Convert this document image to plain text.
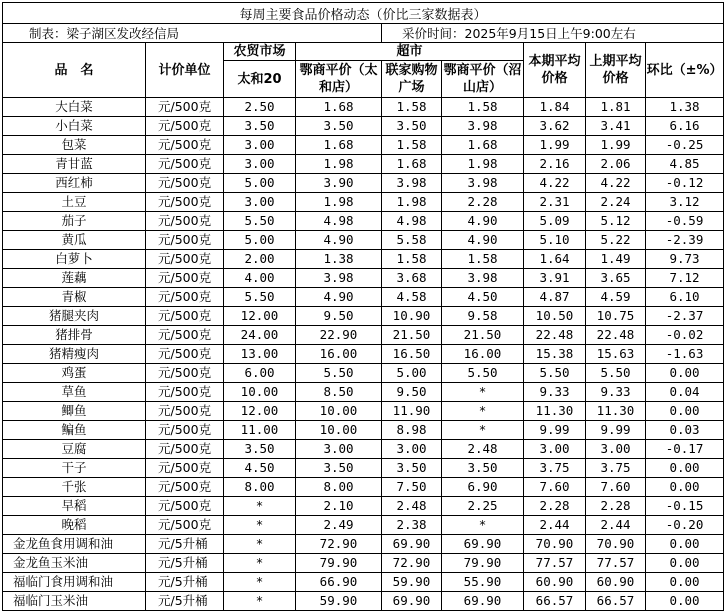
每周主要食品价格动态（价比三家数据表）								
制表：梁子湖区发改经信局				采价时间：2025年9月15日上午9:00左右				
品　名	计价单位	农贸市场	超市			本期平均价格	上期平均价格	环比（±%）
		太和20	鄂商平价（太和店）	联家购物广场	鄂商平价（沼山店）			
大白菜	元/500克	2.50	1.68	1.58	1.58	1.84	1.81	1.38
小白菜	元/500克	3.50	3.50	3.50	3.98	3.62	3.41	6.16
包菜	元/500克	3.00	1.68	1.58	1.68	1.99	1.99	-0.25
青甘蓝	元/500克	3.00	1.98	1.68	1.98	2.16	2.06	4.85
西红柿	元/500克	5.00	3.90	3.98	3.98	4.22	4.22	-0.12
土豆	元/500克	3.00	1.98	1.98	2.28	2.31	2.24	3.12
茄子	元/500克	5.50	4.98	4.98	4.90	5.09	5.12	-0.59
黄瓜	元/500克	5.00	4.90	5.58	4.90	5.10	5.22	-2.39
白萝卜	元/500克	2.00	1.38	1.58	1.58	1.64	1.49	9.73
莲藕	元/500克	4.00	3.98	3.68	3.98	3.91	3.65	7.12
青椒	元/500克	5.50	4.90	4.58	4.50	4.87	4.59	6.10
猪腿夹肉	元/500克	12.00	9.50	10.90	9.58	10.50	10.75	-2.37
猪排骨	元/500克	24.00	22.90	21.50	21.50	22.48	22.48	-0.02
猪精瘦肉	元/500克	13.00	16.00	16.50	16.00	15.38	15.63	-1.63
鸡蛋	元/500克	6.00	5.50	5.00	5.50	5.50	5.50	0.00
草鱼	元/500克	10.00	8.50	9.50	*	9.33	9.33	0.04
鲫鱼	元/500克	12.00	10.00	11.90	*	11.30	11.30	0.00
鳊鱼	元/500克	11.00	10.00	8.98	*	9.99	9.99	0.03
豆腐	元/500克	3.50	3.00	3.00	2.48	3.00	3.00	-0.17
干子	元/500克	4.50	3.50	3.50	3.50	3.75	3.75	0.00
千张	元/500克	8.00	8.00	7.50	6.90	7.60	7.60	0.00
早稻	元/500克	*	2.10	2.48	2.25	2.28	2.28	-0.15
晚稻	元/500克	*	2.49	2.38	*	2.44	2.44	-0.20
金龙鱼食用调和油	元/5升桶	*	72.90	69.90	69.90	70.90	70.90	0.00
金龙鱼玉米油	元/5升桶	*	79.90	72.90	79.90	77.57	77.57	0.00
福临门食用调和油	元/5升桶	*	66.90	59.90	55.90	60.90	60.90	0.00
福临门玉米油	元/5升桶	*	59.90	69.90	69.90	66.57	66.57	0.00
